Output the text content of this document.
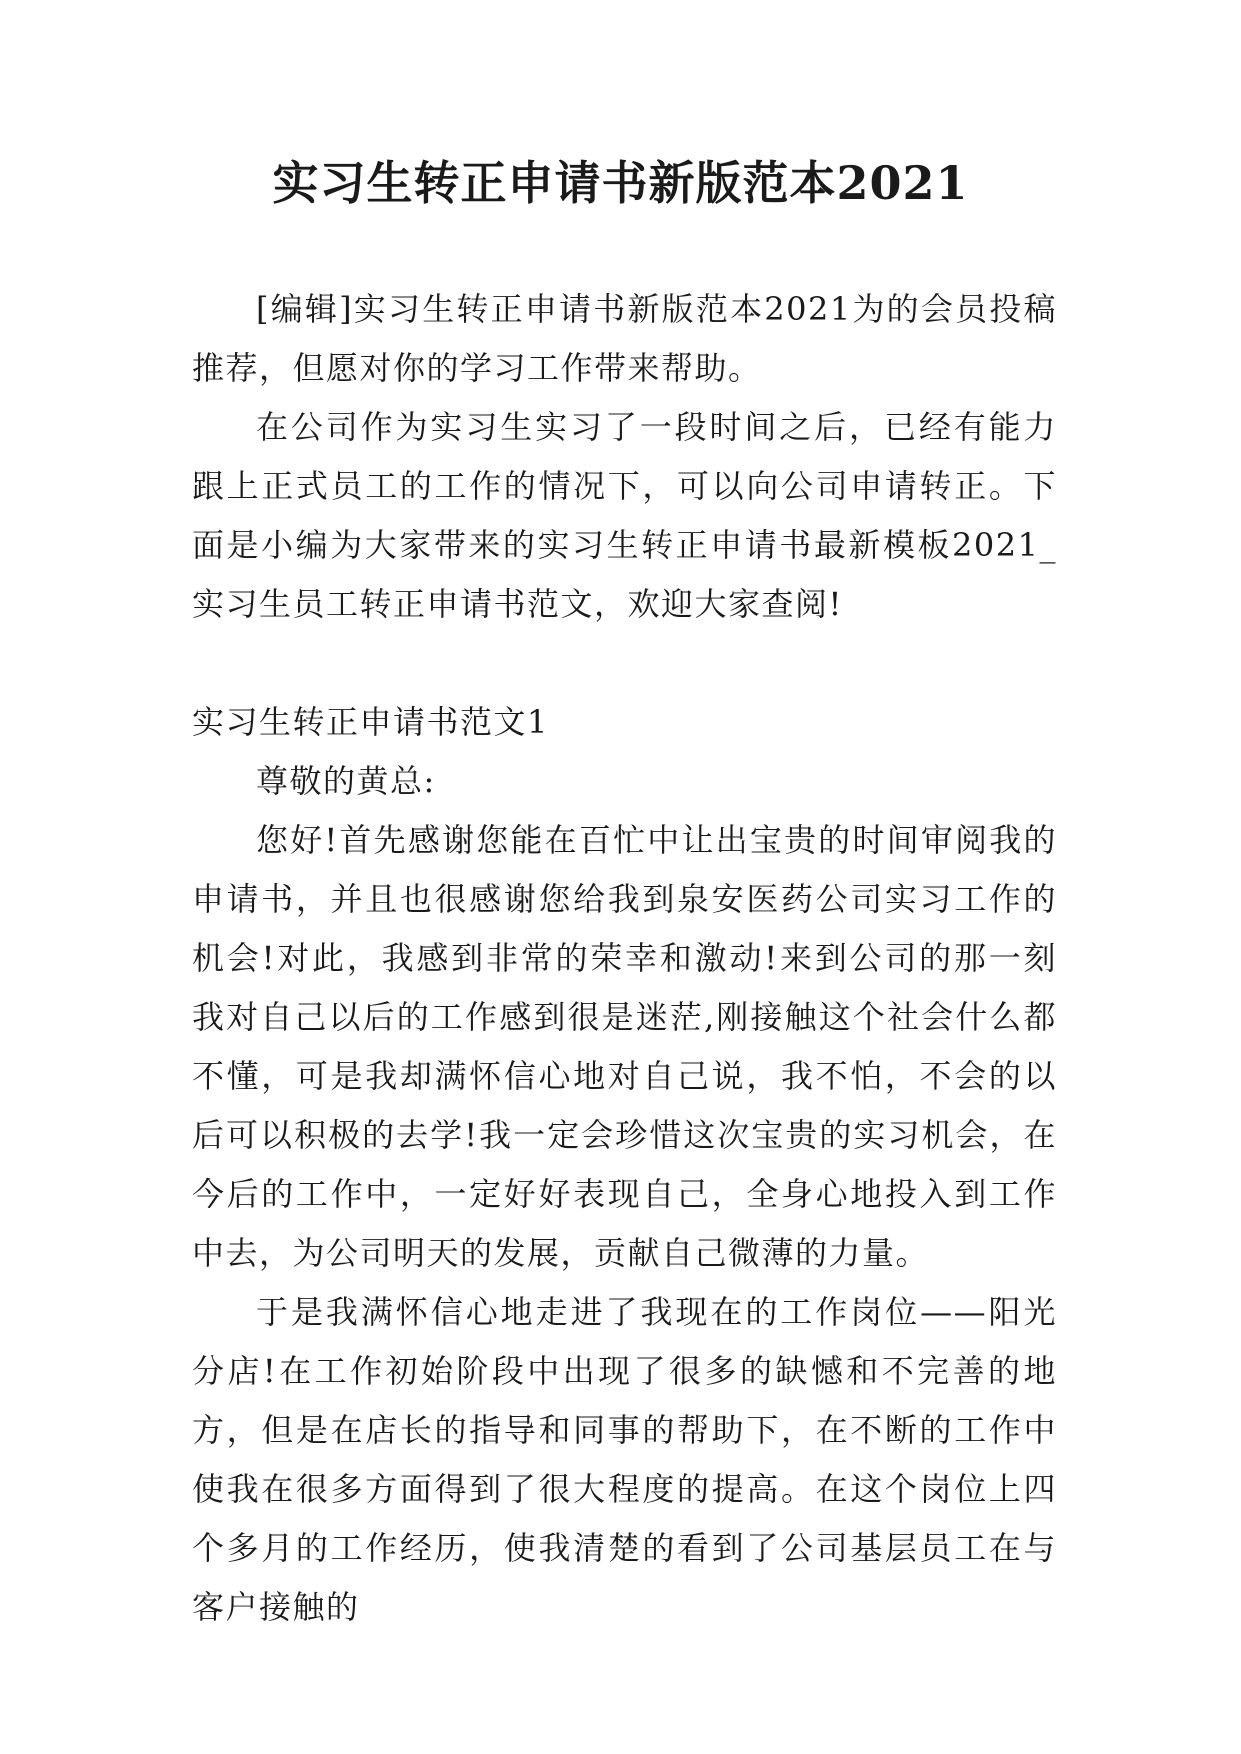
实习生转正申请书新版范本2021

[编辑]实习生转正申请书新版范本2021为的会员投稿推荐，但愿对你的学习工作带来帮助。

在公司作为实习生实习了一段时间之后，已经有能力跟上正式员工的工作的情况下，可以向公司申请转正。下面是小编为大家带来的实习生转正申请书最新模板2021_实习生员工转正申请书范文，欢迎大家查阅!

实习生转正申请书范文1

尊敬的黄总:

您好!首先感谢您能在百忙中让出宝贵的时间审阅我的申请书，并且也很感谢您给我到泉安医药公司实习工作的机会!对此，我感到非常的荣幸和激动!来到公司的那一刻我对自己以后的工作感到很是迷茫,刚接触这个社会什么都不懂，可是我却满怀信心地对自己说，我不怕，不会的以后可以积极的去学!我一定会珍惜这次宝贵的实习机会，在今后的工作中，一定好好表现自己，全身心地投入到工作中去，为公司明天的发展，贡献自己微薄的力量。

于是我满怀信心地走进了我现在的工作岗位——阳光分店!在工作初始阶段中出现了很多的缺憾和不完善的地方，但是在店长的指导和同事的帮助下，在不断的工作中使我在很多方面得到了很大程度的提高。在这个岗位上四个多月的工作经历，使我清楚的看到了公司基层员工在与客户接触的
